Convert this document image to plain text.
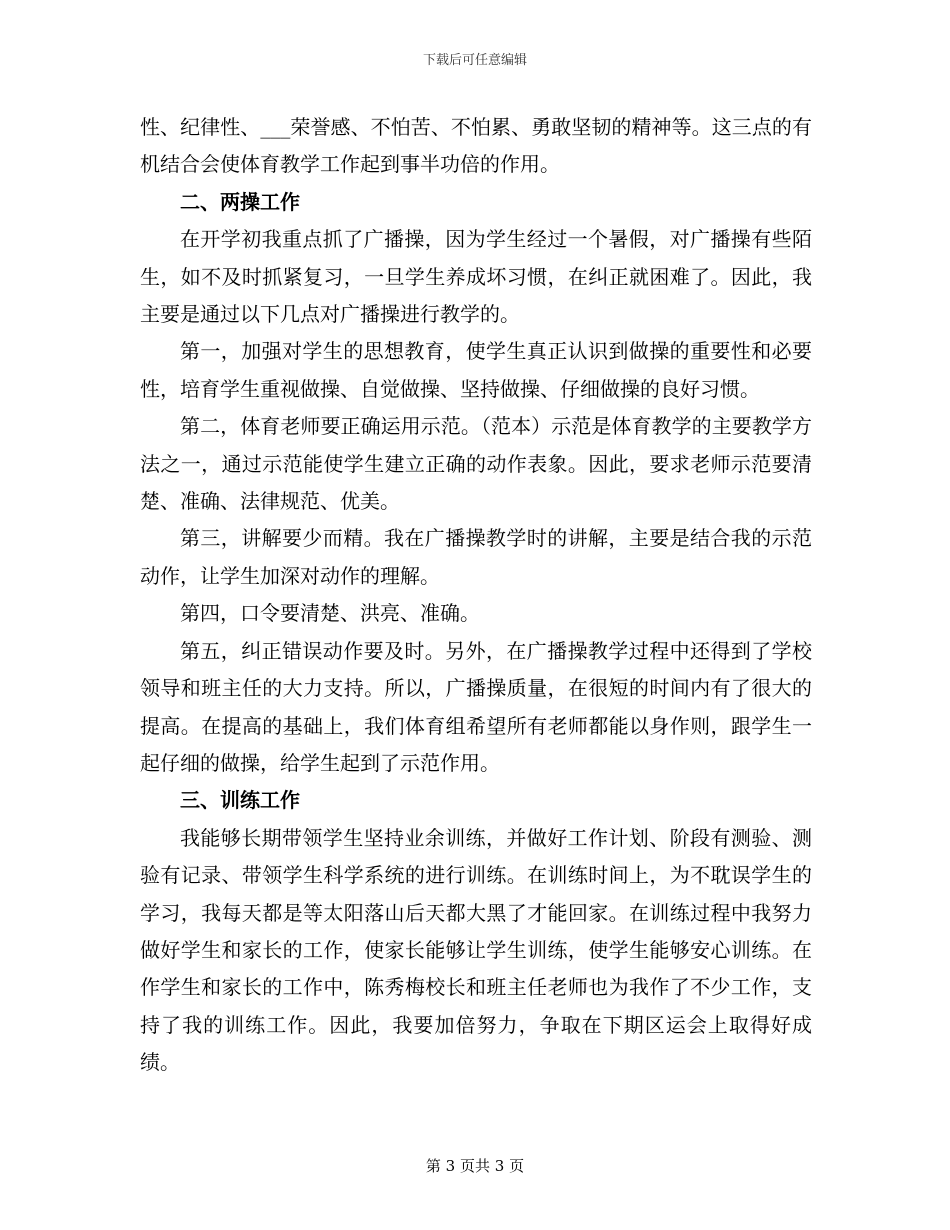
下载后可任意编辑

性、纪律性、___荣誉感、不怕苦、不怕累、勇敢坚韧的精神等。这三点的有机结合会使体育教学工作起到事半功倍的作用。

二、两操工作

在开学初我重点抓了广播操，因为学生经过一个暑假，对广播操有些陌生，如不及时抓紧复习，一旦学生养成坏习惯，在纠正就困难了。因此，我主要是通过以下几点对广播操进行教学的。

第一，加强对学生的思想教育，使学生真正认识到做操的重要性和必要性，培育学生重视做操、自觉做操、坚持做操、仔细做操的良好习惯。

第二，体育老师要正确运用示范。（范本）示范是体育教学的主要教学方法之一，通过示范能使学生建立正确的动作表象。因此，要求老师示范要清楚、准确、法律规范、优美。

第三，讲解要少而精。我在广播操教学时的讲解，主要是结合我的示范动作，让学生加深对动作的理解。

第四，口令要清楚、洪亮、准确。

第五，纠正错误动作要及时。另外，在广播操教学过程中还得到了学校领导和班主任的大力支持。所以，广播操质量，在很短的时间内有了很大的提高。在提高的基础上，我们体育组希望所有老师都能以身作则，跟学生一起仔细的做操，给学生起到了示范作用。

三、训练工作

我能够长期带领学生坚持业余训练，并做好工作计划、阶段有测验、测验有记录、带领学生科学系统的进行训练。在训练时间上，为不耽误学生的学习，我每天都是等太阳落山后天都大黑了才能回家。在训练过程中我努力做好学生和家长的工作，使家长能够让学生训练，使学生能够安心训练。在作学生和家长的工作中，陈秀梅校长和班主任老师也为我作了不少工作，支持了我的训练工作。因此，我要加倍努力，争取在下期区运会上取得好成绩。

第 3 页共 3 页
